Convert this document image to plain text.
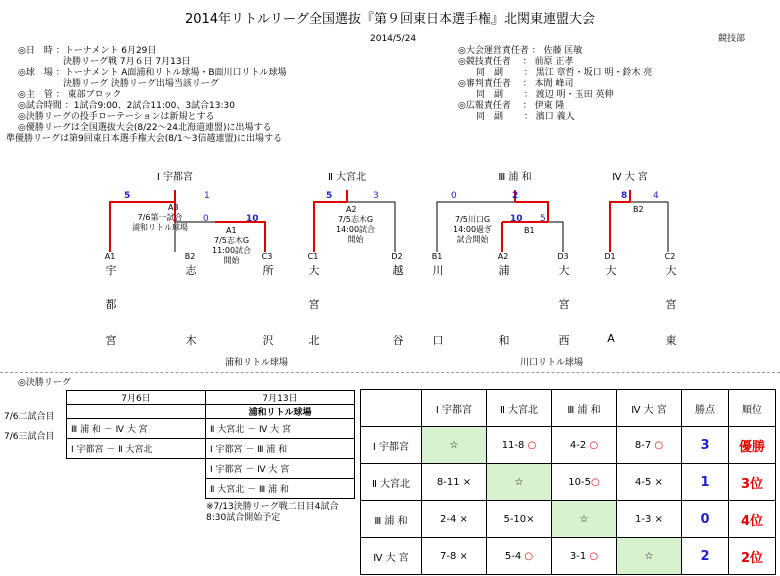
2014年リトルリーグ全国選抜『第９回東日本選手権』北関東連盟大会
2014/5/24	競技部
◎日　時 ：トーナメント 6月29日
　　　　　決勝リーグ戦 7月６日 7月13日
◎球　場 ：トーナメント A面浦和リトル球場・B面川口リトル球場
　　　　　決勝リーグ 決勝リーグ出場当該リーグ
◎主　管 ： 東部ブロック
◎試合時間 ：1試合9:00、2試合11:00、3試合13:30
◎決勝リーグの投手ローテーションは新規とする
◎優勝リーグは全国選抜大会(8/22～24北海道連盟)に出場する
準優勝リーグは第9回東日本選手権大会(8/1～3信越連盟)に出場する
◎大会運営責任者 ： 佐藤 匡敏
◎競技責任者　 ： 前原 正孝
　　同　副　　 ： 黒江 章哲・坂口 明・鈴木 亮
◎審判責任者　 ： 本間 峰司
　　同　副　　 ： 渡辺 明・玉田 英伸
◎広報責任者　 ： 伊東 隆
　　同　副　　 ： 濱口 義人
Ⅰ 宇都宮	Ⅱ 大宮北	Ⅲ 浦 和	Ⅳ 大 宮
5	1
0	10
5	3	0	2
10 5
8	4
A3
7/6第一試合
浦和リトル球場	A1
7/5志木G
11:00試合
開始
A2
7/5志木G
14:00試合
開始
7/5川口G
14:00過ぎ
試合開始
B1
B2
A1	B2	C3	C1	D2	B1	A2	D3	D1	C2
宇
都
宮
志
木
所
沢
大
宮
北
越
谷
川
口
浦
和
大
宮
西
大
A
大
宮
東
浦和リトル球場	川口リトル球場
◎決勝リーグ
7/6二試合目
7/6三試合目
7月6日	7月13日
	浦和リトル球場
Ⅲ 浦 和 － Ⅳ 大 宮	Ⅱ 大宮北 － Ⅳ 大 宮
Ⅰ 宇都宮 － Ⅱ 大宮北	Ⅰ 宇都宮 － Ⅲ 浦 和
	Ⅰ 宇都宮 － Ⅳ 大 宮
	Ⅱ 大宮北 － Ⅲ 浦 和
※7/13決勝リーグ戦二日目4試合
8:30試合開始予定
	Ⅰ 宇都宮	Ⅱ 大宮北	Ⅲ 浦 和	Ⅳ 大 宮	勝点	順位
Ⅰ 宇都宮	☆	11-8 ○	4-2 ○	8-7 ○	3	優勝
Ⅱ 大宮北	8-11 ×	☆	10-5○	4-5 ×	1	3位
Ⅲ 浦 和	2-4 ×	5-10×	☆	1-3 ×	0	4位
Ⅳ 大 宮	7-8 ×	5-4 ○	3-1 ○	☆	2	2位
